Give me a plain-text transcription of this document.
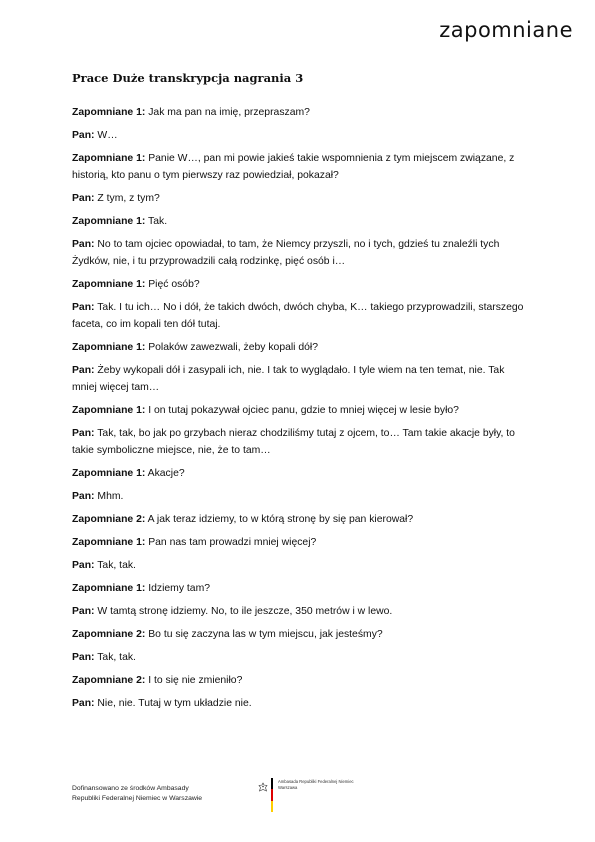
zapomniane
Prace Duże transkrypcja nagrania 3
Zapomniane 1: Jak ma pan na imię, przepraszam?
Pan: W…
Zapomniane 1: Panie W…, pan mi powie jakieś takie wspomnienia z tym miejscem związane, z historią, kto panu o tym pierwszy raz powiedział, pokazał?
Pan: Z tym, z tym?
Zapomniane 1: Tak.
Pan: No to tam ojciec opowiadał, to tam, że Niemcy przyszli, no i tych, gdzieś tu znaleźli tych Żydków, nie, i tu przyprowadzili całą rodzinkę, pięć osób i…
Zapomniane 1: Pięć osób?
Pan: Tak. I tu ich… No i dół, że takich dwóch, dwóch chyba, K… takiego przyprowadzili, starszego faceta, co im kopali ten dół tutaj.
Zapomniane 1: Polaków zawezwali, żeby kopali dół?
Pan: Żeby wykopali dół i zasypali ich, nie. I tak to wyglądało. I tyle wiem na ten temat, nie. Tak mniej więcej tam…
Zapomniane 1: I on tutaj pokazywał ojciec panu, gdzie to mniej więcej w lesie było?
Pan: Tak, tak, bo jak po grzybach nieraz chodziliśmy tutaj z ojcem, to… Tam takie akacje były, to takie symboliczne miejsce, nie, że to tam…
Zapomniane 1: Akacje?
Pan: Mhm.
Zapomniane 2: A jak teraz idziemy, to w którą stronę by się pan kierował?
Zapomniane 1: Pan nas tam prowadzi mniej więcej?
Pan: Tak, tak.
Zapomniane 1: Idziemy tam?
Pan: W tamtą stronę idziemy. No, to ile jeszcze, 350 metrów i w lewo.
Zapomniane 2: Bo tu się zaczyna las w tym miejscu, jak jesteśmy?
Pan: Tak, tak.
Zapomniane 2: I to się nie zmieniło?
Pan: Nie, nie. Tutaj w tym układzie nie.
Dofinansowano ze środków Ambasady
Republiki Federalnej Niemiec w Warszawie
Ambasada Republiki Federalnej Niemiec Warszawa
